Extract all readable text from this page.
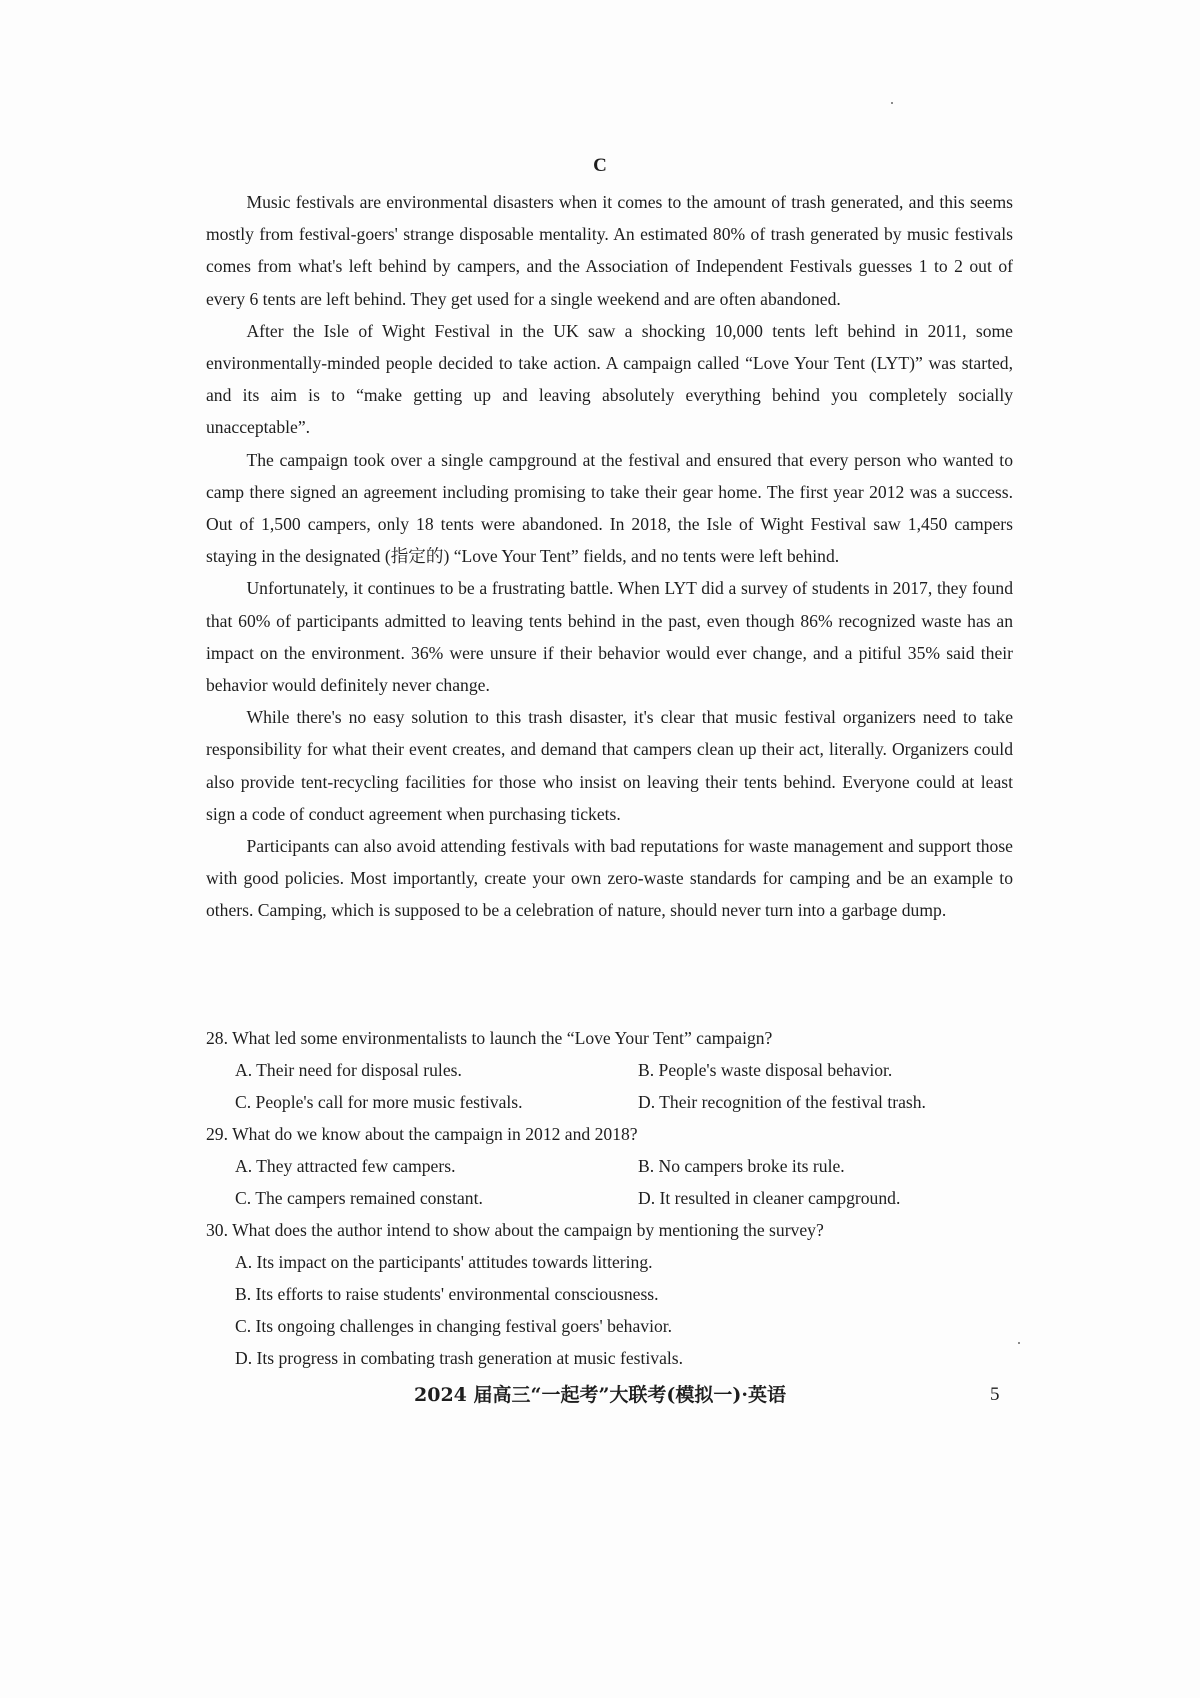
C

Music festivals are environmental disasters when it comes to the amount of trash generated, and this seems mostly from festival-goers' strange disposable mentality. An estimated 80% of trash generated by music festivals comes from what's left behind by campers, and the Association of Independent Festivals guesses 1 to 2 out of every 6 tents are left behind. They get used for a single weekend and are often abandoned.

After the Isle of Wight Festival in the UK saw a shocking 10,000 tents left behind in 2011, some environmentally-minded people decided to take action. A campaign called “Love Your Tent (LYT)” was started, and its aim is to “make getting up and leaving absolutely everything behind you completely socially unacceptable”.

The campaign took over a single campground at the festival and ensured that every person who wanted to camp there signed an agreement including promising to take their gear home. The first year 2012 was a success. Out of 1,500 campers, only 18 tents were abandoned. In 2018, the Isle of Wight Festival saw 1,450 campers staying in the designated (指定的) “Love Your Tent” fields, and no tents were left behind.

Unfortunately, it continues to be a frustrating battle. When LYT did a survey of students in 2017, they found that 60% of participants admitted to leaving tents behind in the past, even though 86% recognized waste has an impact on the environment. 36% were unsure if their behavior would ever change, and a pitiful 35% said their behavior would definitely never change.

While there's no easy solution to this trash disaster, it's clear that music festival organizers need to take responsibility for what their event creates, and demand that campers clean up their act, literally. Organizers could also provide tent-recycling facilities for those who insist on leaving their tents behind. Everyone could at least sign a code of conduct agreement when purchasing tickets.

Participants can also avoid attending festivals with bad reputations for waste management and support those with good policies. Most importantly, create your own zero-waste standards for camping and be an example to others. Camping, which is supposed to be a celebration of nature, should never turn into a garbage dump.

28. What led some environmentalists to launch the “Love Your Tent” campaign?

A. Their need for disposal rules.	B. People's waste disposal behavior.
C. People's call for more music festivals.	D. Their recognition of the festival trash.

29. What do we know about the campaign in 2012 and 2018?

A. They attracted few campers.	B. No campers broke its rule.
C. The campers remained constant.	D. It resulted in cleaner campground.

30. What does the author intend to show about the campaign by mentioning the survey?

A. Its impact on the participants' attitudes towards littering.
B. Its efforts to raise students' environmental consciousness.
C. Its ongoing challenges in changing festival goers' behavior.
D. Its progress in combating trash generation at music festivals.
2024 届高三“一起考”大联考(模拟一)·英语	5
